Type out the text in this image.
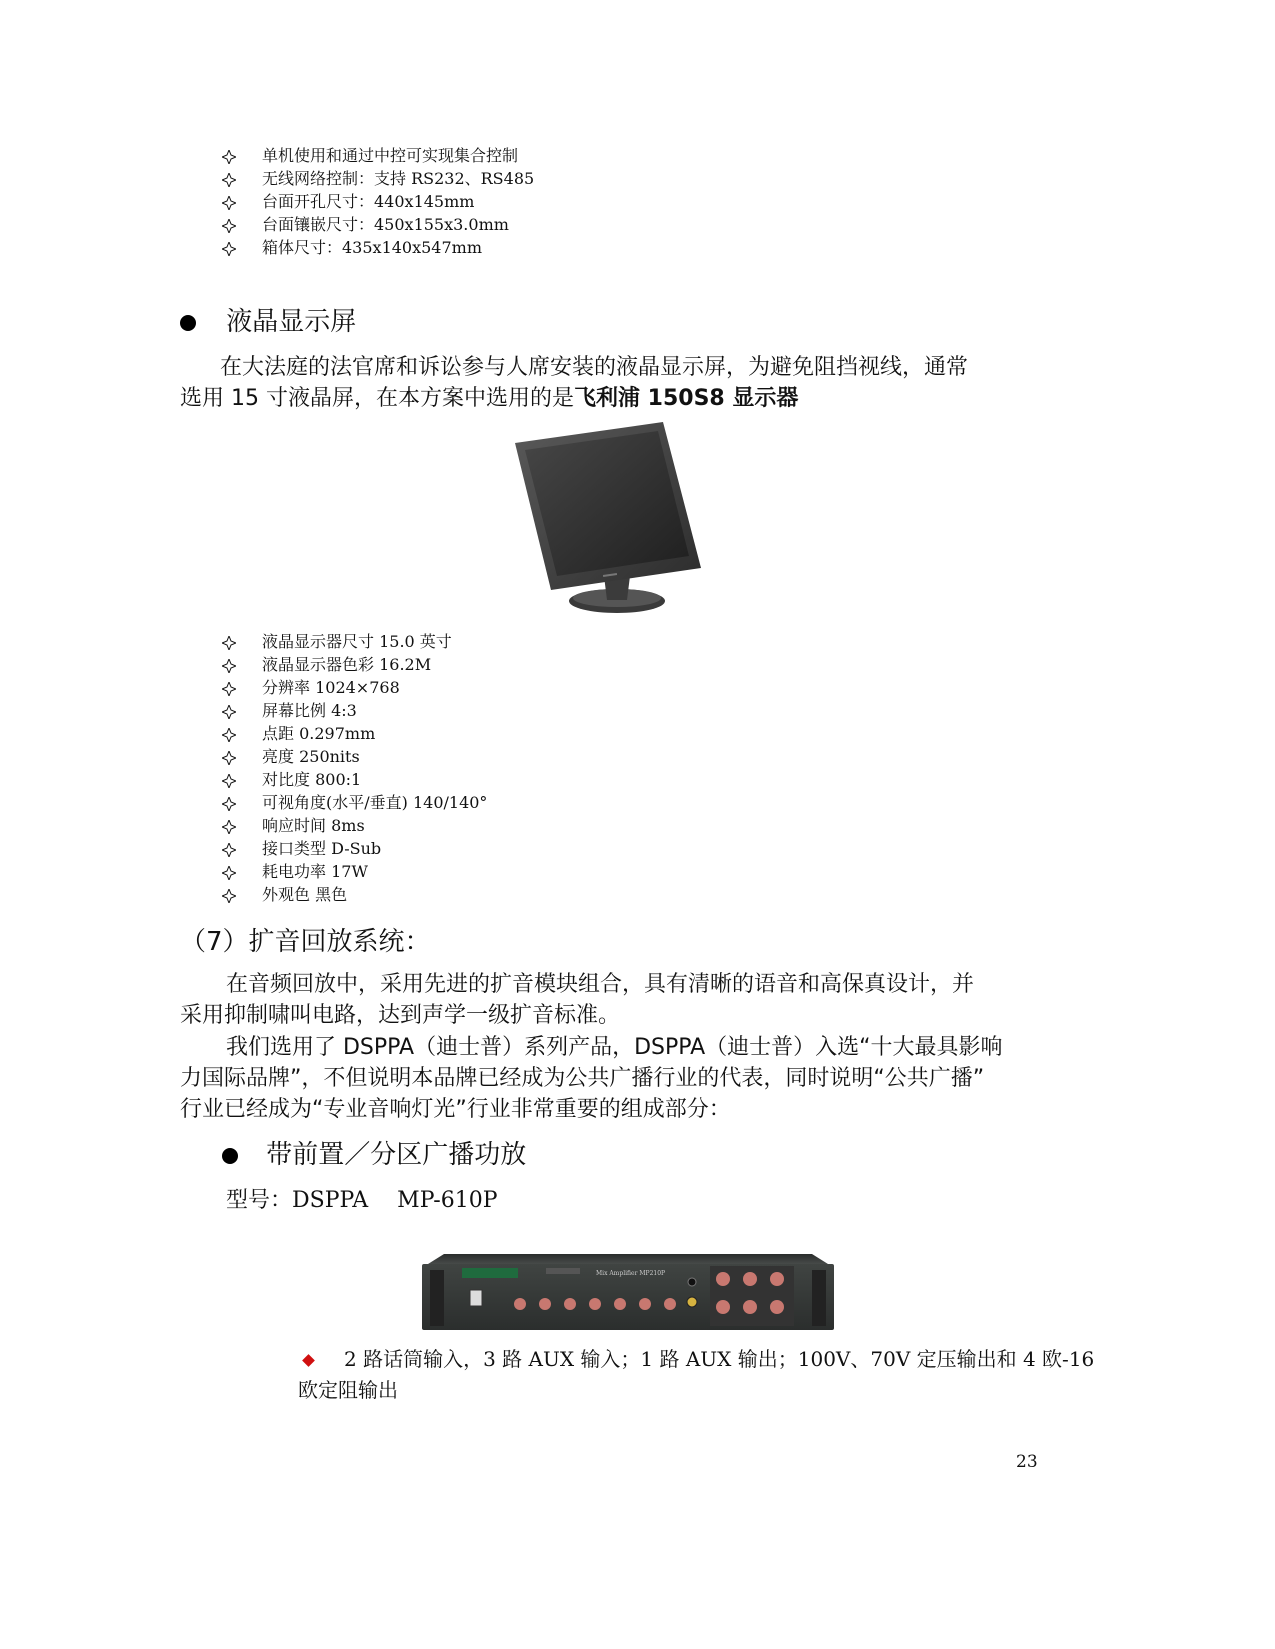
单机使用和通过中控可实现集合控制
无线网络控制：支持 RS232、RS485
台面开孔尺寸：440x145mm
台面镶嵌尺寸：450x155x3.0mm
箱体尺寸：435x140x547mm
液晶显示屏

在大法庭的法官席和诉讼参与人席安装的液晶显示屏，为避免阻挡视线，通常

选用 15 寸液晶屏，在本方案中选用的是飞利浦 150S8 显示器

液晶显示器尺寸 15.0 英寸
液晶显示器色彩 16.2M
分辨率 1024×768
屏幕比例 4:3
点距 0.297mm
亮度 250nits
对比度 800:1
可视角度(水平/垂直) 140/140°
响应时间 8ms
接口类型 D-Sub
耗电功率 17W
外观色 黑色

（7）扩音回放系统：

在音频回放中，采用先进的扩音模块组合，具有清晰的语音和高保真设计，并

采用抑制啸叫电路，达到声学一级扩音标准。

我们选用了 DSPPA（迪士普）系列产品，DSPPA（迪士普）入选“十大最具影响

力国际品牌”，不但说明本品牌已经成为公共广播行业的代表，同时说明“公共广播”

行业已经成为“专业音响灯光”行业非常重要的组成部分：

带前置／分区广播功放

型号：DSPPA　 MP-610P

Mix Amplifier MP210P
2 路话筒输入，3 路 AUX 输入；1 路 AUX 输出；100V、70V 定压输出和 4 欧-16

欧定阻输出

23
